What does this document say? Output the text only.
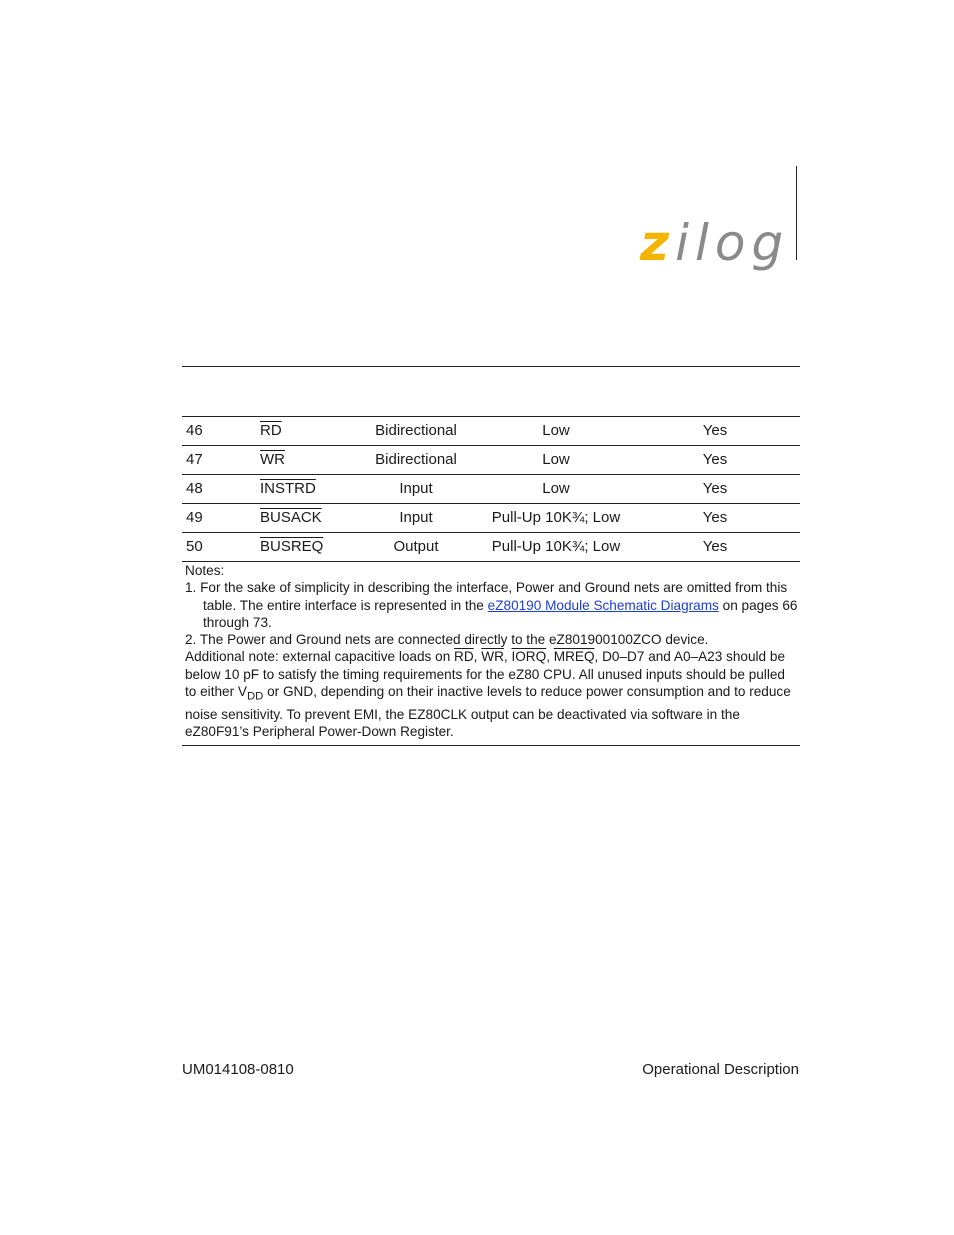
zilog
46	$\overline{RD}$	Bidirectional	Low	Yes
47	$\overline{WR}$	Bidirectional	Low	Yes
48	INSTRD	Input	Low	Yes
49	BUSACK	Input	Pull-Up 10K¾; Low	Yes
50	BUSREQ	Output	Pull-Up 10K¾; Low	Yes

Notes:

1. For the sake of simplicity in describing the interface, Power and Ground nets are omitted from this table. The entire interface is represented in the eZ80190 Module Schematic Diagrams on pages 66 through 73.

2. The Power and Ground nets are connected directly to the eZ801900100ZCO device.

Additional note: external capacitive loads on $\overline{RD}$, $\overline{WR}$, IORQ, MREQ, D0–D7 and A0–A23 should be below 10 pF to satisfy the timing requirements for the eZ80 CPU. All unused inputs should be pulled to either $V_{DD}$ or GND, depending on their inactive levels to reduce power consumption and to reduce noise sensitivity. To prevent EMI, the EZ80CLK output can be deactivated via software in the eZ80F91’s Peripheral Power-Down Register.

UM014108-0810	Operational Description
